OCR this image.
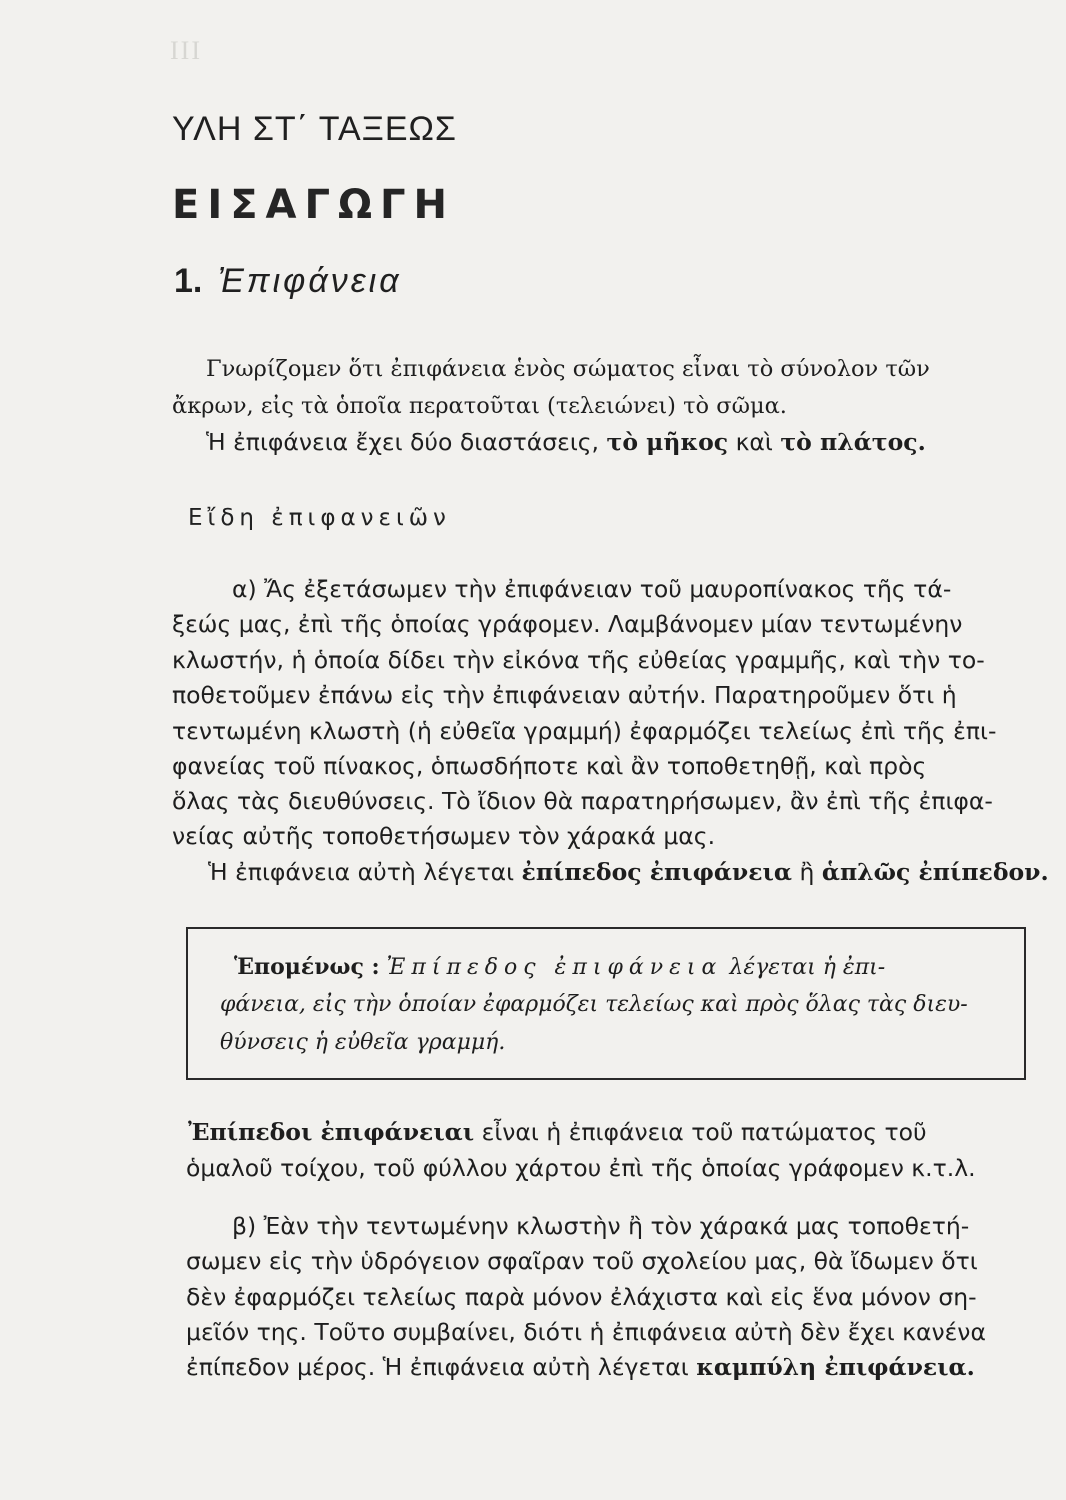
III
ΥΛΗ ΣΤ΄ ΤΑΞΕΩΣ
ΕΙΣΑΓΩΓΗ
1. Ἐπιφάνεια
Γνωρίζομεν ὅτι ἐπιφάνεια ἑνὸς σώματος εἶναι τὸ σύνολον τῶν
ἄκρων, εἰς τὰ ὁποῖα περατοῦται (τελειώνει) τὸ σῶμα.
Ἡ ἐπιφάνεια ἔχει δύο διαστάσεις, τὸ μῆκος καὶ τὸ πλάτος.
Εἴδη ἐπιφανειῶν
α) Ἄς ἐξετάσωμεν τὴν ἐπιφάνειαν τοῦ μαυροπίνακος τῆς τά-
ξεώς μας, ἐπὶ τῆς ὁποίας γράφομεν. Λαμβάνομεν μίαν τεντωμένην
κλωστήν, ἡ ὁποία δίδει τὴν εἰκόνα τῆς εὐθείας γραμμῆς, καὶ τὴν το-
ποθετοῦμεν ἐπάνω εἰς τὴν ἐπιφάνειαν αὐτήν. Παρατηροῦμεν ὅτι ἡ
τεντωμένη κλωστὴ (ἡ εὐθεῖα γραμμή) ἐφαρμόζει τελείως ἐπὶ τῆς ἐπι-
φανείας τοῦ πίνακος, ὁπωσδήποτε καὶ ἂν τοποθετηθῇ, καὶ πρὸς
ὅλας τὰς διευθύνσεις. Τὸ ἴδιον θὰ παρατηρήσωμεν, ἂν ἐπὶ τῆς ἐπιφα-
νείας αὐτῆς τοποθετήσωμεν τὸν χάρακά μας.
Ἡ ἐπιφάνεια αὐτὴ λέγεται ἐπίπεδος ἐπιφάνεια ἢ ἁπλῶς ἐπίπεδον.
Ἑπομένως : Ἐπίπεδος ἐπιφάνεια λέγεται ἡ ἐπι-
φάνεια, εἰς τὴν ὁποίαν ἐφαρμόζει τελείως καὶ πρὸς ὅλας τὰς διευ-
θύνσεις ἡ εὐθεῖα γραμμή.
Ἐπίπεδοι ἐπιφάνειαι εἶναι ἡ ἐπιφάνεια τοῦ πατώματος τοῦ
ὁμαλοῦ τοίχου, τοῦ φύλλου χάρτου ἐπὶ τῆς ὁποίας γράφομεν κ.τ.λ.
β) Ἐὰν τὴν τεντωμένην κλωστὴν ἢ τὸν χάρακά μας τοποθετή-
σωμεν εἰς τὴν ὑδρόγειον σφαῖραν τοῦ σχολείου μας, θὰ ἴδωμεν ὅτι
δὲν ἐφαρμόζει τελείως παρὰ μόνον ἐλάχιστα καὶ εἰς ἕνα μόνον ση-
μεῖόν της. Τοῦτο συμβαίνει, διότι ἡ ἐπιφάνεια αὐτὴ δὲν ἔχει κανένα
ἐπίπεδον μέρος. Ἡ ἐπιφάνεια αὐτὴ λέγεται καμπύλη ἐπιφάνεια.
